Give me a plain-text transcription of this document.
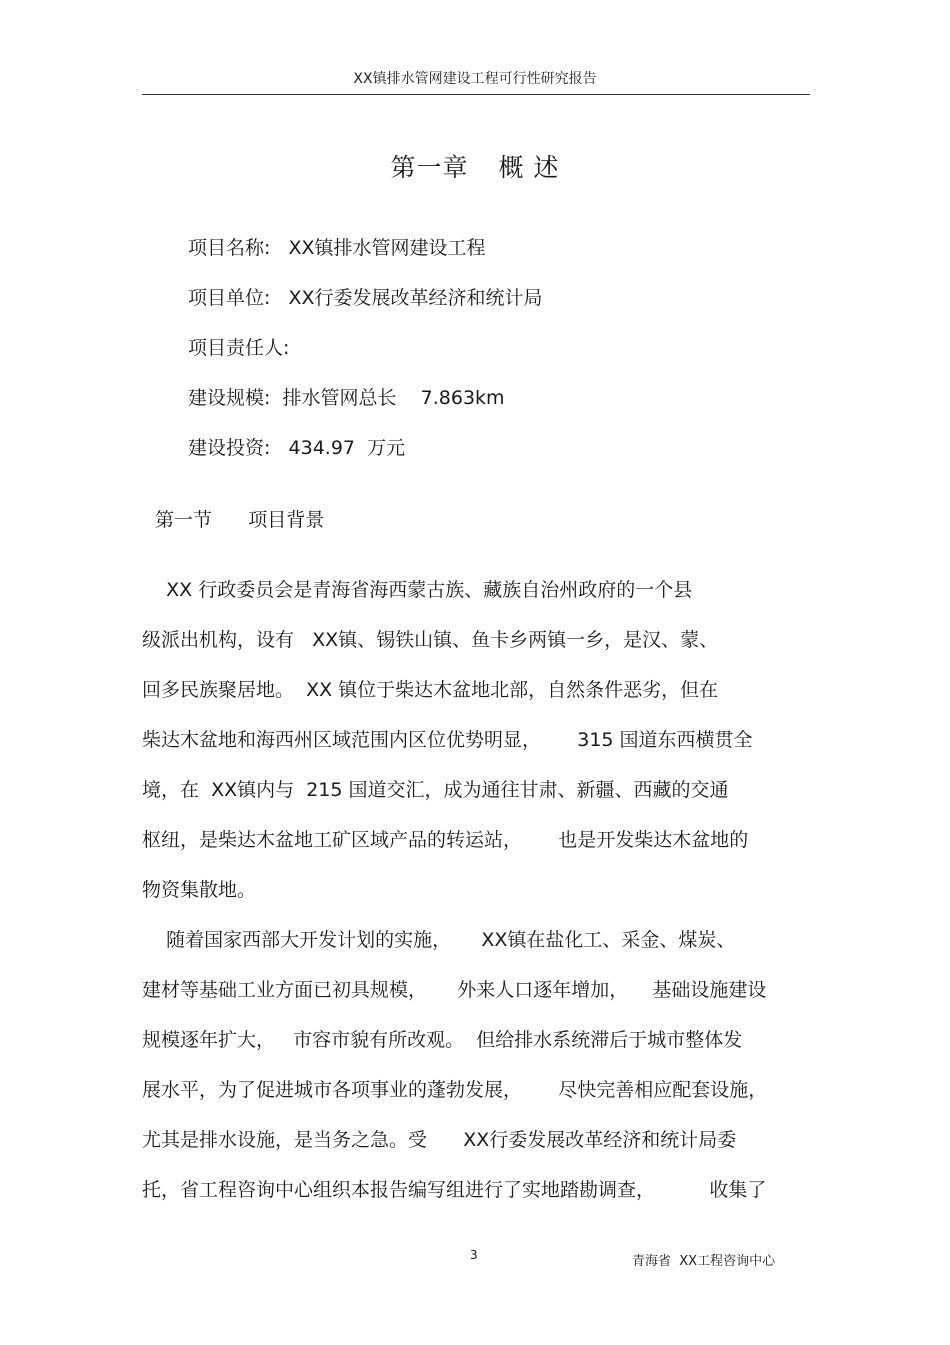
XX镇排水管网建设工程可行性研究报告
第一章 概 述
项目名称:   XX镇排水管网建设工程
项目单位:   XX行委发展改革经济和统计局
项目责任人:
建设规模:  排水管网总长    7.863km
建设投资:   434.97  万元
第一节      项目背景
XX 行政委员会是青海省海西蒙古族、藏族自治州政府的一个县
级派出机构，设有   XX镇、锡铁山镇、鱼卡乡两镇一乡，是汉、蒙、
回多民族聚居地。  XX 镇位于柴达木盆地北部，自然条件恶劣，但在
柴达木盆地和海西州区域范围内区位优势明显，      315 国道东西横贯全
境，在  XX镇内与  215 国道交汇，成为通往甘肃、新疆、西藏的交通
枢纽，是柴达木盆地工矿区域产品的转运站，      也是开发柴达木盆地的
物资集散地。
随着国家西部大开发计划的实施，     XX镇在盐化工、采金、煤炭、
建材等基础工业方面已初具规模，     外来人口逐年增加，    基础设施建设
规模逐年扩大，   市容市貌有所改观。  但给排水系统滞后于城市整体发
展水平，为了促进城市各项事业的蓬勃发展，      尽快完善相应配套设施，
尤其是排水设施，是当务之急。受      XX行委发展改革经济和统计局委
托，省工程咨询中心组织本报告编写组进行了实地踏勘调查，         收集了
3	青海省  XX工程咨询中心
